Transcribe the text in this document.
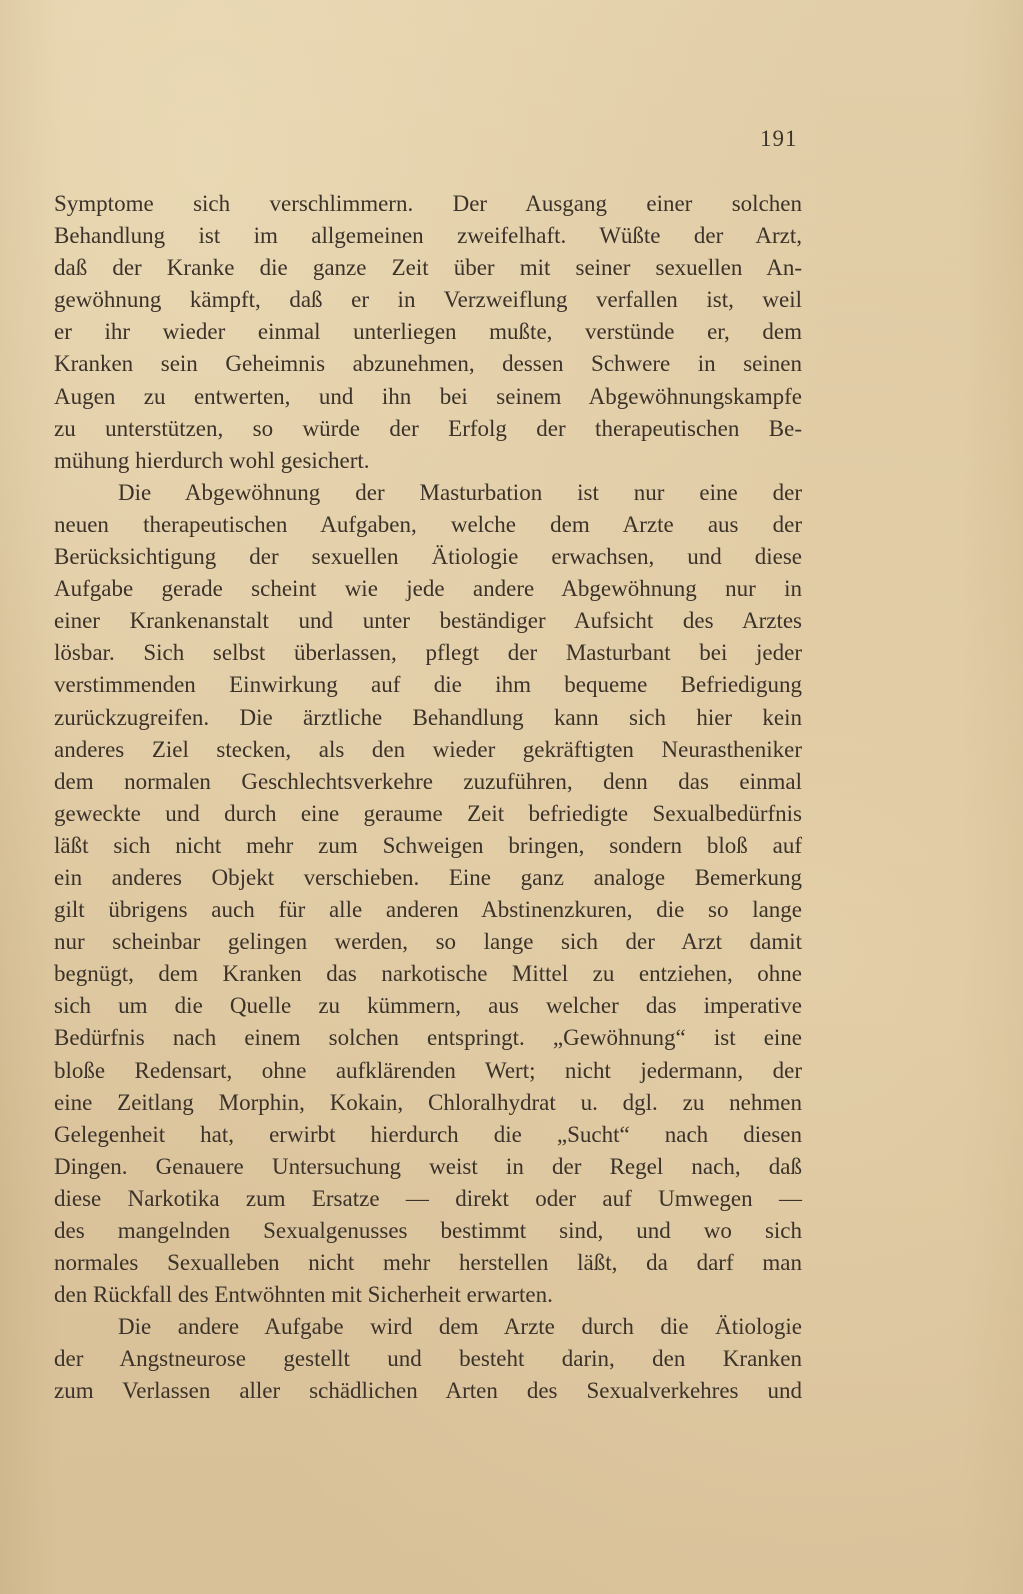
191
Symptome sich verschlimmern. Der Ausgang einer solchen
Behandlung ist im allgemeinen zweifelhaft. Wüßte der Arzt,
daß der Kranke die ganze Zeit über mit seiner sexuellen An-
gewöhnung kämpft, daß er in Verzweiflung verfallen ist, weil
er ihr wieder einmal unterliegen mußte, verstünde er, dem
Kranken sein Geheimnis abzunehmen, dessen Schwere in seinen
Augen zu entwerten, und ihn bei seinem Abgewöhnungskampfe
zu unterstützen, so würde der Erfolg der therapeutischen Be-
mühung hierdurch wohl gesichert.
Die Abgewöhnung der Masturbation ist nur eine der
neuen therapeutischen Aufgaben, welche dem Arzte aus der
Berücksichtigung der sexuellen Ätiologie erwachsen, und diese
Aufgabe gerade scheint wie jede andere Abgewöhnung nur in
einer Krankenanstalt und unter beständiger Aufsicht des Arztes
lösbar. Sich selbst überlassen, pflegt der Masturbant bei jeder
verstimmenden Einwirkung auf die ihm bequeme Befriedigung
zurückzugreifen. Die ärztliche Behandlung kann sich hier kein
anderes Ziel stecken, als den wieder gekräftigten Neurastheniker
dem normalen Geschlechtsverkehre zuzuführen, denn das einmal
geweckte und durch eine geraume Zeit befriedigte Sexualbedürfnis
läßt sich nicht mehr zum Schweigen bringen, sondern bloß auf
ein anderes Objekt verschieben. Eine ganz analoge Bemerkung
gilt übrigens auch für alle anderen Abstinenzkuren, die so lange
nur scheinbar gelingen werden, so lange sich der Arzt damit
begnügt, dem Kranken das narkotische Mittel zu entziehen, ohne
sich um die Quelle zu kümmern, aus welcher das imperative
Bedürfnis nach einem solchen entspringt. „Gewöhnung“ ist eine
bloße Redensart, ohne aufklärenden Wert; nicht jedermann, der
eine Zeitlang Morphin, Kokain, Chloralhydrat u. dgl. zu nehmen
Gelegenheit hat, erwirbt hierdurch die „Sucht“ nach diesen
Dingen. Genauere Untersuchung weist in der Regel nach, daß
diese Narkotika zum Ersatze — direkt oder auf Umwegen —
des mangelnden Sexualgenusses bestimmt sind, und wo sich
normales Sexualleben nicht mehr herstellen läßt, da darf man
den Rückfall des Entwöhnten mit Sicherheit erwarten.
Die andere Aufgabe wird dem Arzte durch die Ätiologie
der Angstneurose gestellt und besteht darin, den Kranken
zum Verlassen aller schädlichen Arten des Sexualverkehres und
